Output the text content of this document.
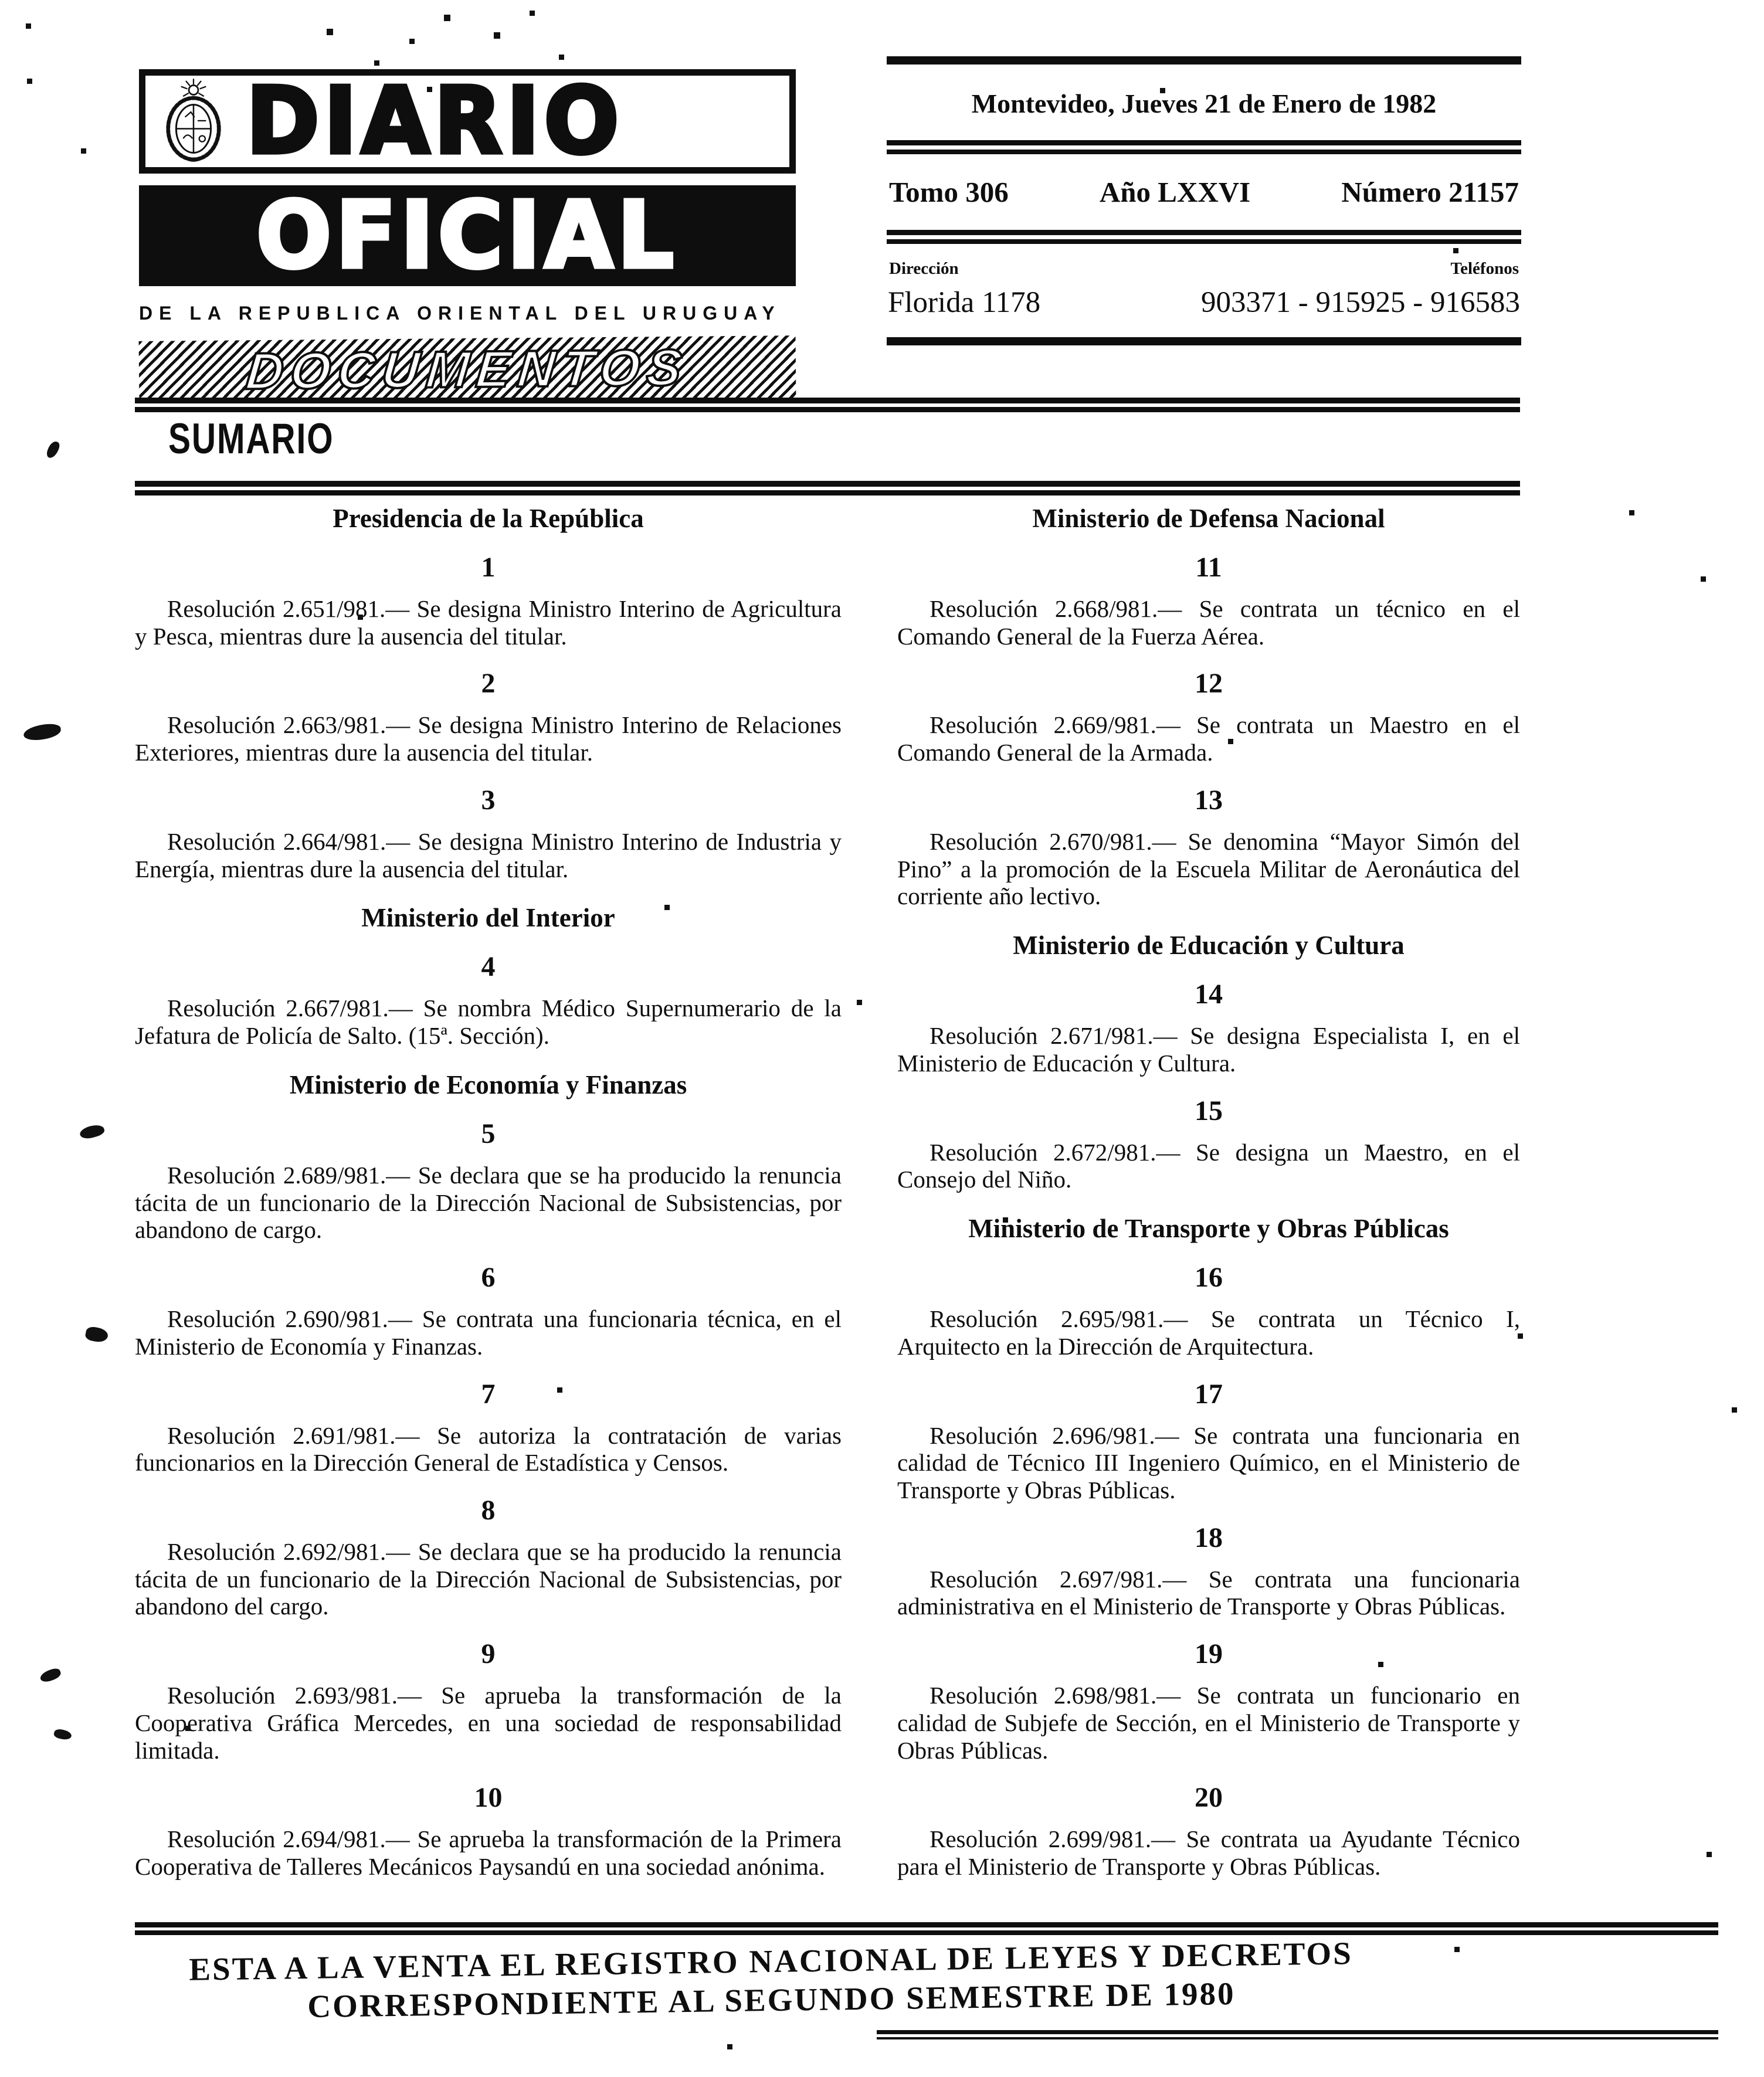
DIARIO
OFICIAL
DE LA REPUBLICA ORIENTAL DEL URUGUAY
DOCUMENTOS
Montevideo, Jueves 21 de Enero de 1982
Tomo 306	Año LXXVI	Número 21157
Dirección	Teléfonos
Florida 1178	903371 - 915925 - 916583
SUMARIO
Presidencia de la República
1

Resolución 2.651/981.— Se designa Ministro Interino de Agricultura y Pesca, mientras dure la ausencia del titular.

2

Resolución 2.663/981.— Se designa Ministro Interino de Relaciones Exteriores, mientras dure la ausencia del titular.

3

Resolución 2.664/981.— Se designa Ministro Interino de Industria y Energía, mientras dure la ausencia del titular.

Ministerio del Interior
4

Resolución 2.667/981.— Se nombra Médico Supernumerario de la Jefatura de Policía de Salto. (15ª. Sección).

Ministerio de Economía y Finanzas
5

Resolución 2.689/981.— Se declara que se ha producido la renuncia tácita de un funcionario de la Dirección Nacional de Subsistencias, por abandono de cargo.

6

Resolución 2.690/981.— Se contrata una funcionaria técnica, en el Ministerio de Economía y Finanzas.

7

Resolución 2.691/981.— Se autoriza la contratación de varias funcionarios en la Dirección General de Estadística y Censos.

8

Resolución 2.692/981.— Se declara que se ha producido la renuncia tácita de un funcionario de la Dirección Nacional de Subsistencias, por abandono del cargo.

9

Resolución 2.693/981.— Se aprueba la transformación de la Cooperativa Gráfica Mercedes, en una sociedad de responsabilidad limitada.

10

Resolución 2.694/981.— Se aprueba la transformación de la Primera Cooperativa de Talleres Mecánicos Paysandú en una sociedad anónima.

Ministerio de Defensa Nacional
11

Resolución 2.668/981.— Se contrata un técnico en el Comando General de la Fuerza Aérea.

12

Resolución 2.669/981.— Se contrata un Maestro en el Comando General de la Armada.

13

Resolución 2.670/981.— Se denomina “Mayor Simón del Pino” a la promoción de la Escuela Militar de Aeronáutica del corriente año lectivo.

Ministerio de Educación y Cultura
14

Resolución 2.671/981.— Se designa Especialista I, en el Ministerio de Educación y Cultura.

15

Resolución 2.672/981.— Se designa un Maestro, en el Consejo del Niño.

Ministerio de Transporte y Obras Públicas
16

Resolución 2.695/981.— Se contrata un Técnico I, Arquitecto en la Dirección de Arquitectura.

17

Resolución 2.696/981.— Se contrata una funcionaria en calidad de Técnico III Ingeniero Químico, en el Ministerio de Transporte y Obras Públicas.

18

Resolución 2.697/981.— Se contrata una funcionaria administrativa en el Ministerio de Transporte y Obras Públicas.

19

Resolución 2.698/981.— Se contrata un funcionario en calidad de Subjefe de Sección, en el Ministerio de Transporte y Obras Públicas.

20

Resolución 2.699/981.— Se contrata ua Ayudante Técnico para el Ministerio de Transporte y Obras Públicas.

ESTA A LA VENTA EL REGISTRO NACIONAL DE LEYES Y DECRETOS
CORRESPONDIENTE AL SEGUNDO SEMESTRE DE 1980
